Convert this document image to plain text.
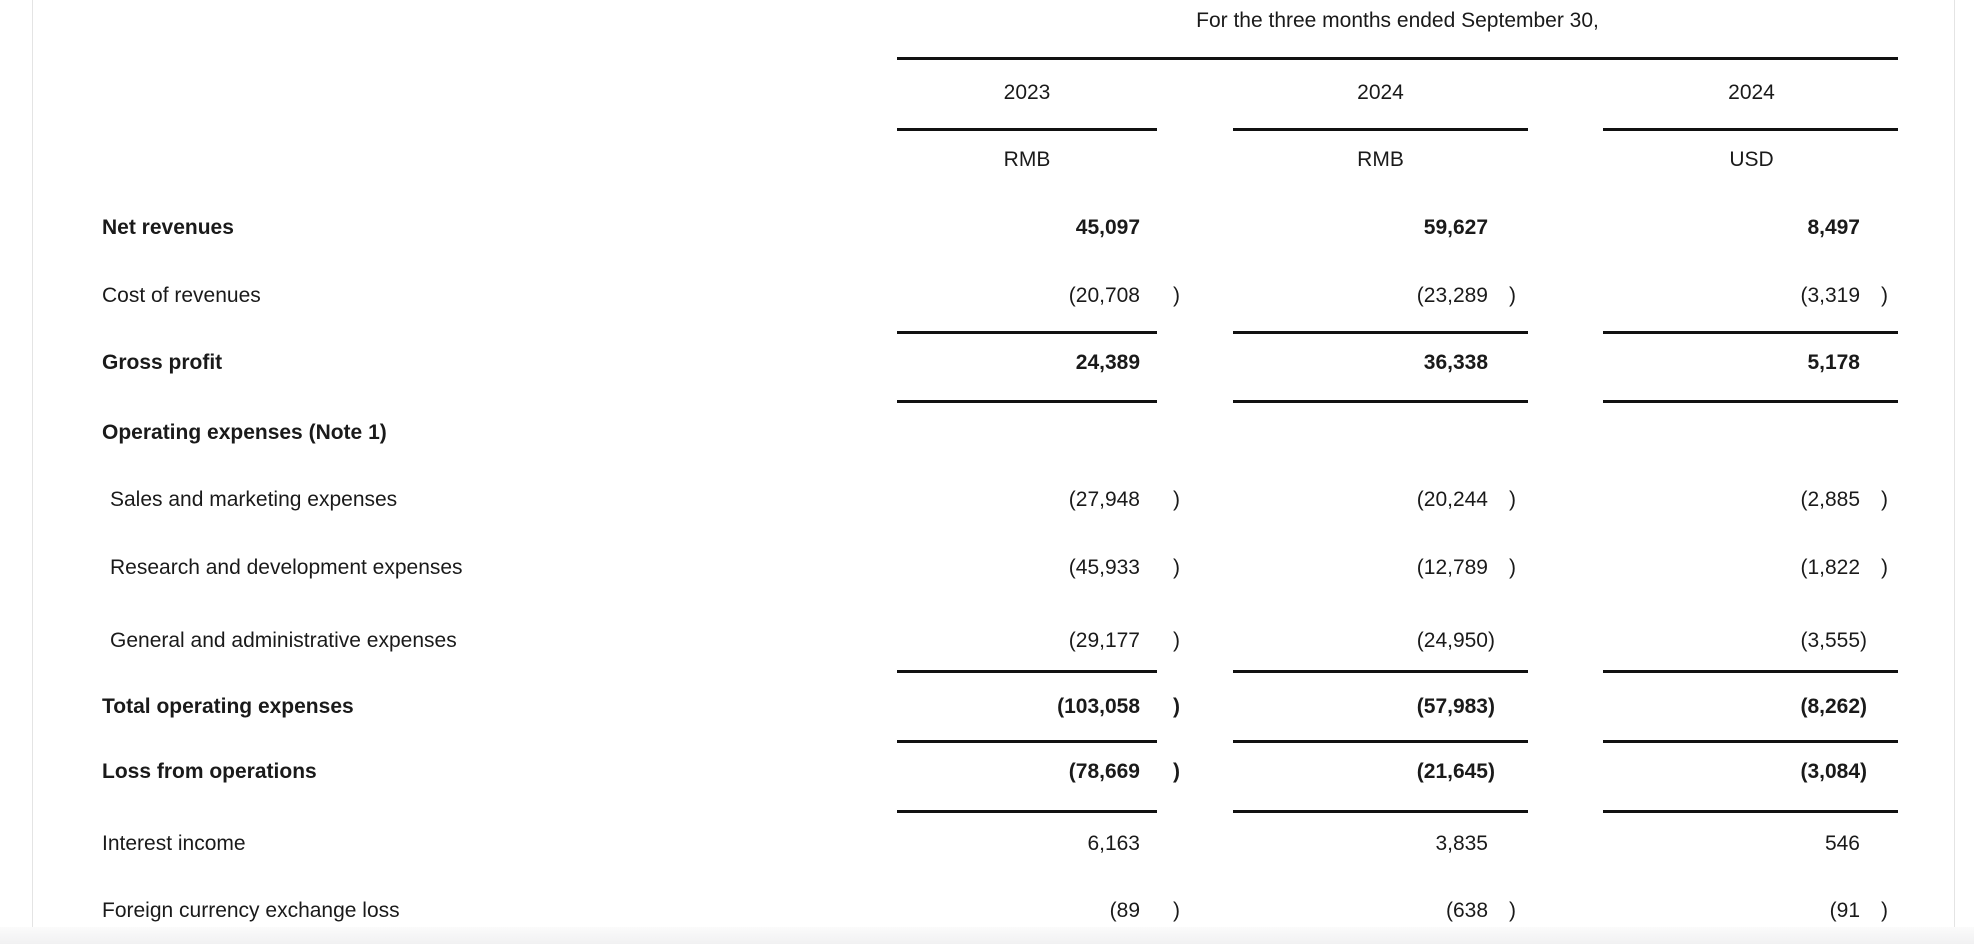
For the three months ended September 30,
2023	2024	2024
RMB	RMB	USD
Net revenues	45,097	59,627	8,497
Cost of revenues	(20,708	)	(23,289	)	(3,319	)
Gross profit	24,389	36,338	5,178
Operating expenses (Note 1)
Sales and marketing expenses	(27,948	)	(20,244	)	(2,885	)
Research and development expenses	(45,933	)	(12,789	)	(1,822	)
General and administrative expenses	(29,177	)	(24,950 )	(3,555 )
Total operating expenses	(103,058	)	(57,983 )	(8,262 )
Loss from operations	(78,669	)	(21,645 )	(3,084 )
Interest income	6,163	3,835	546
Foreign currency exchange loss	(89	)	(638	)	(91	)
